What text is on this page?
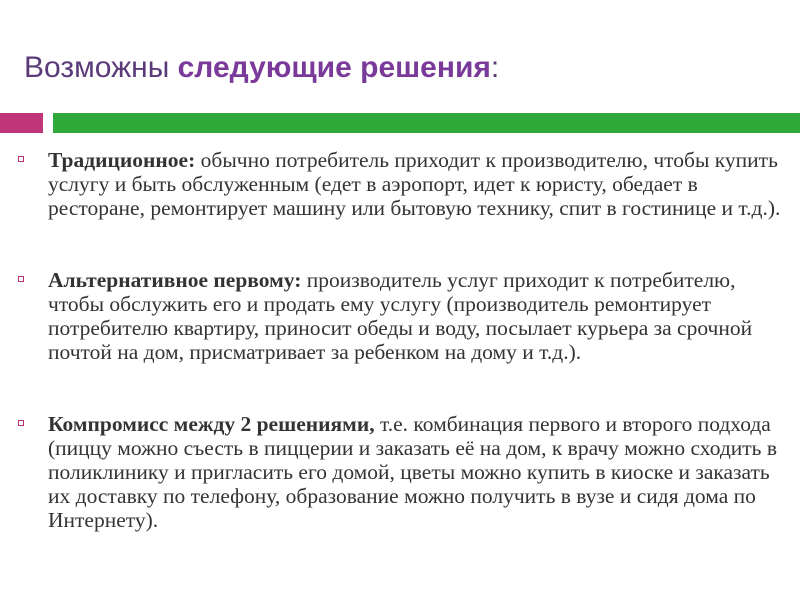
Возможны следующие решения:
Традиционное: обычно потребитель приходит к производителю, чтобы купить услугу и быть обслуженным (едет в аэропорт, идет к юристу, обедает в ресторане, ремонтирует машину или бытовую технику, спит в гостинице и т.д.).
Альтернативное первому: производитель услуг приходит к потребителю, чтобы обслужить его и продать ему услугу (производитель ремонтирует потребителю квартиру, приносит обеды и воду, посылает курьера за срочной почтой на дом, присматривает за ребенком на дому и т.д.).
Компромисс между 2 решениями, т.е. комбинация первого и второго подхода (пиццу можно съесть в пиццерии и заказать её на дом, к врачу можно сходить в поликлинику и пригласить его домой, цветы можно купить в киоске и заказать их доставку по телефону, образование можно получить в вузе и сидя дома по Интернету).
